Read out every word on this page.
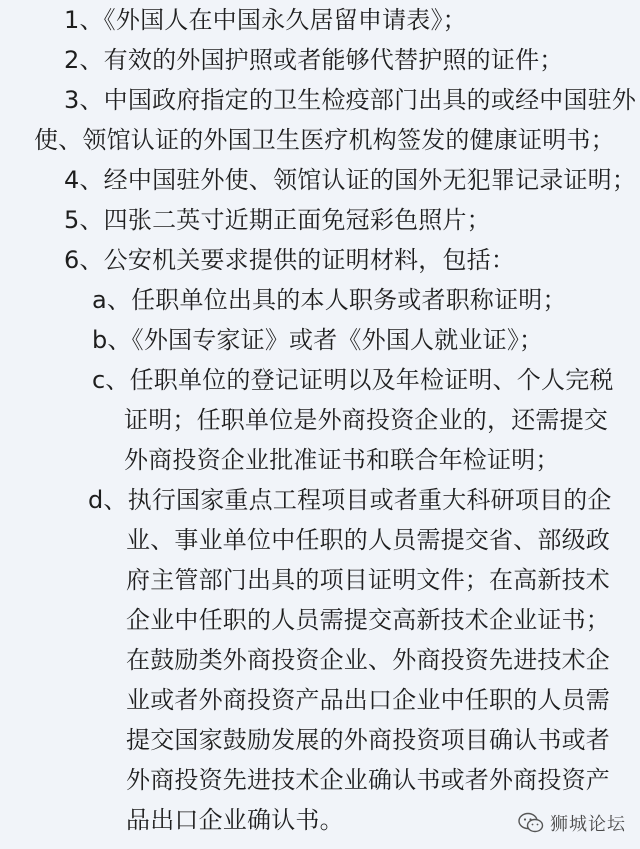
1、《外国人在中国永久居留申请表》；
2、有效的外国护照或者能够代替护照的证件；
3、中国政府指定的卫生检疫部门出具的或经中国驻外
使、领馆认证的外国卫生医疗机构签发的健康证明书；
4、经中国驻外使、领馆认证的国外无犯罪记录证明；
5、四张二英寸近期正面免冠彩色照片；
6、公安机关要求提供的证明材料，包括：
a、任职单位出具的本人职务或者职称证明；
b、《外国专家证》或者《外国人就业证》；
c、任职单位的登记证明以及年检证明、个人完税
证明；任职单位是外商投资企业的，还需提交
外商投资企业批准证书和联合年检证明；
d、执行国家重点工程项目或者重大科研项目的企
业、事业单位中任职的人员需提交省、部级政
府主管部门出具的项目证明文件；在高新技术
企业中任职的人员需提交高新技术企业证书；
在鼓励类外商投资企业、外商投资先进技术企
业或者外商投资产品出口企业中任职的人员需
提交国家鼓励发展的外商投资项目确认书或者
外商投资先进技术企业确认书或者外商投资产
品出口企业确认书。	狮城论坛
